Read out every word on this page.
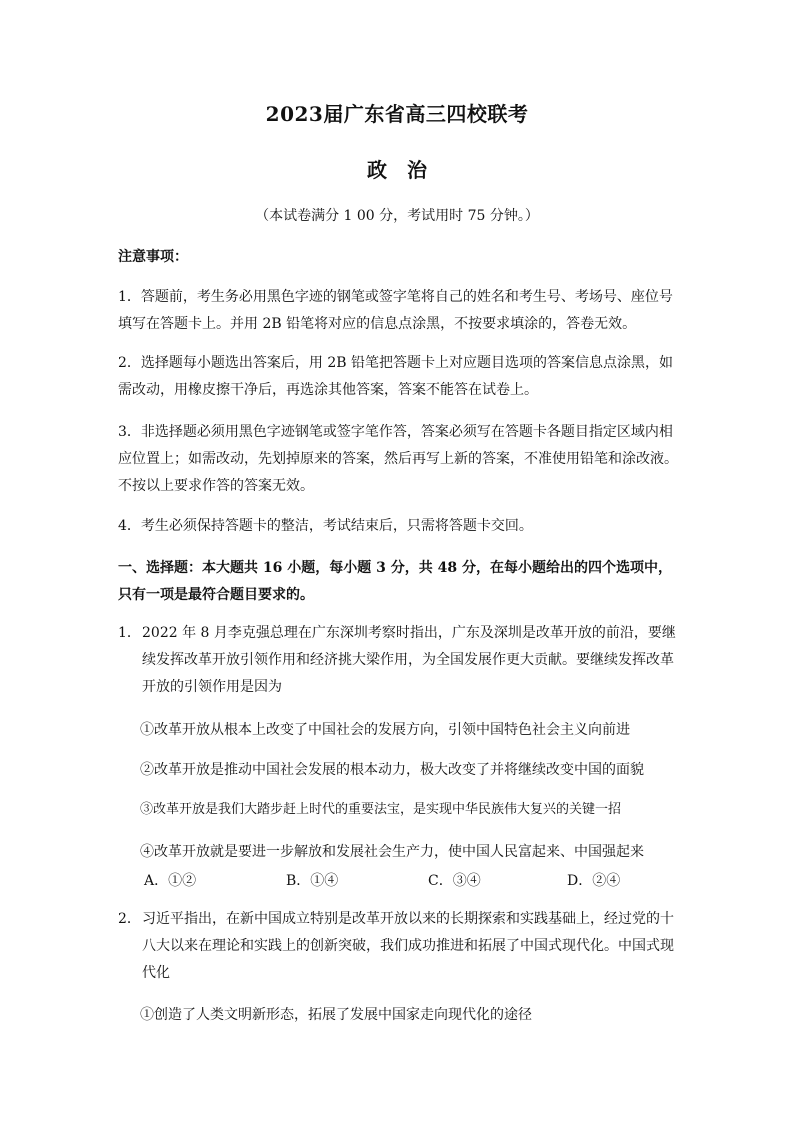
2023届广东省高三四校联考
政　治
（本试卷满分 1 00 分，考试用时 75 分钟。）
注意事项：
1．答题前，考生务必用黑色字迹的钢笔或签字笔将自己的姓名和考生号、考场号、座位号填写在答题卡上。并用 2B 铅笔将对应的信息点涂黑，不按要求填涂的，答卷无效。
2．选择题每小题选出答案后，用 2B 铅笔把答题卡上对应题目选项的答案信息点涂黑，如需改动，用橡皮擦干净后，再选涂其他答案，答案不能答在试卷上。
3．非选择题必须用黑色字迹钢笔或签字笔作答，答案必须写在答题卡各题目指定区域内相应位置上；如需改动，先划掉原来的答案，然后再写上新的答案，不准使用铅笔和涂改液。不按以上要求作答的答案无效。
4．考生必须保持答题卡的整洁，考试结束后，只需将答题卡交回。
一、选择题：本大题共 16 小题，每小题 3 分，共 48 分，在每小题给出的四个选项中，只有一项是最符合题目要求的。
1． 2022 年 8 月李克强总理在广东深圳考察时指出，广东及深圳是改革开放的前沿，要继续发挥改革开放引领作用和经济挑大梁作用，为全国发展作更大贡献。要继续发挥改革开放的引领作用是因为
①改革开放从根本上改变了中国社会的发展方向，引领中国特色社会主义向前进
②改革开放是推动中国社会发展的根本动力，极大改变了并将继续改变中国的面貌
③改革开放是我们大踏步赶上时代的重要法宝，是实现中华民族伟大复兴的关键一招
④改革开放就是要进一步解放和发展社会生产力，使中国人民富起来、中国强起来
A．①②	B．①④	C．③④	D．②④
2． 习近平指出，在新中国成立特别是改革开放以来的长期探索和实践基础上，经过党的十八大以来在理论和实践上的创新突破，我们成功推进和拓展了中国式现代化。中国式现代化
①创造了人类文明新形态，拓展了发展中国家走向现代化的途径
